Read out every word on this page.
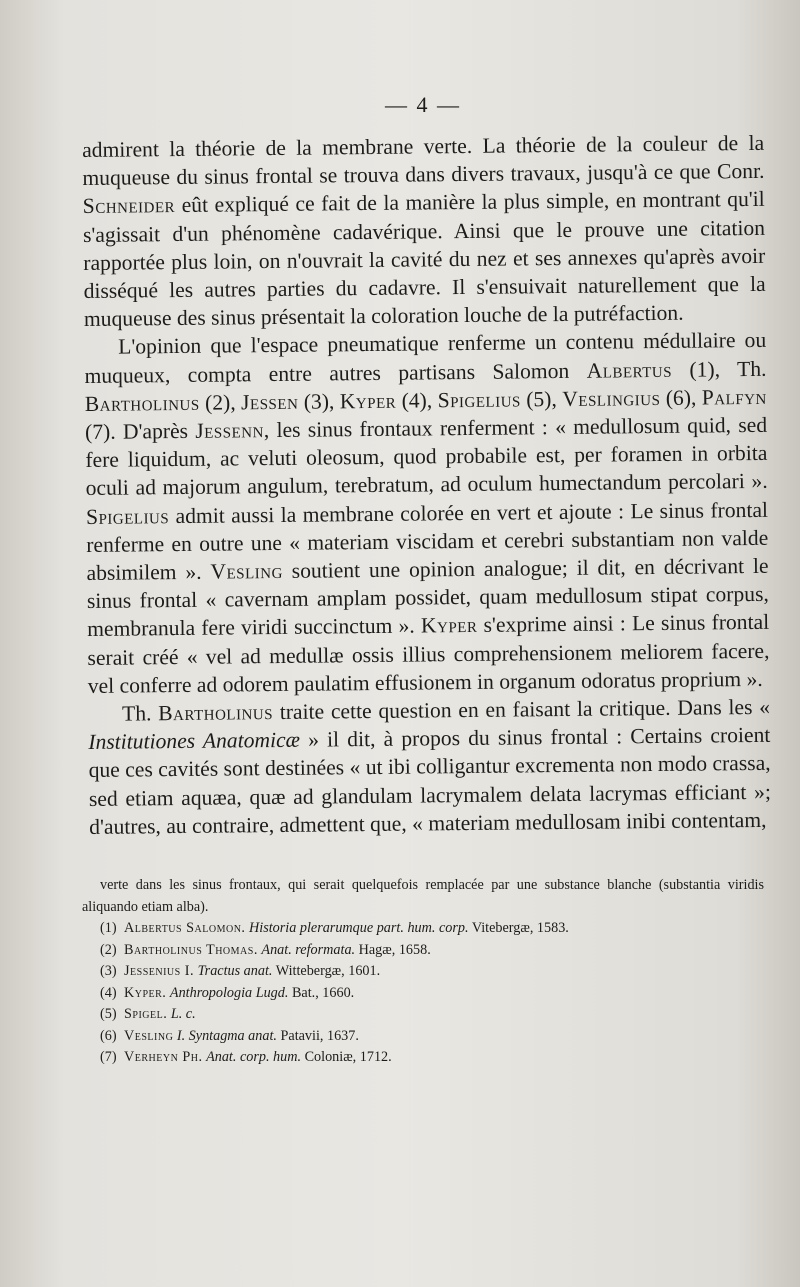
— 4 —

admirent la théorie de la membrane verte. La théorie de la couleur de la muqueuse du sinus frontal se trouva dans divers travaux, jusqu'à ce que Conr. Schneider eût expliqué ce fait de la manière la plus simple, en montrant qu'il s'agissait d'un phénomène cadavérique. Ainsi que le prouve une citation rapportée plus loin, on n'ouvrait la cavité du nez et ses annexes qu'après avoir disséqué les autres parties du cadavre. Il s'ensuivait naturellement que la muqueuse des sinus présentait la coloration louche de la putréfaction.

L'opinion que l'espace pneumatique renferme un contenu médullaire ou muqueux, compta entre autres partisans Salomon Albertus (1), Th. Bartholinus (2), Jessen (3), Kyper (4), Spigelius (5), Veslingius (6), Palfyn (7). D'après Jessenn, les sinus frontaux renferment : « medullosum quid, sed fere liquidum, ac veluti oleosum, quod probabile est, per foramen in orbita oculi ad majorum angulum, terebratum, ad oculum humectandum percolari ». Spigelius admit aussi la membrane colorée en vert et ajoute : Le sinus frontal renferme en outre une « materiam viscidam et cerebri substantiam non valde absimilem ». Vesling soutient une opinion analogue; il dit, en décrivant le sinus frontal « cavernam amplam possidet, quam medullosum stipat corpus, membranula fere viridi succinctum ». Kyper s'exprime ainsi : Le sinus frontal serait créé « vel ad medullæ ossis illius comprehensionem meliorem facere, vel conferre ad odorem paulatim effusionem in organum odoratus proprium ».

Th. Bartholinus traite cette question en en faisant la critique. Dans les « Institutiones Anatomicæ » il dit, à propos du sinus frontal : Certains croient que ces cavités sont destinées « ut ibi colligantur excrementa non modo crassa, sed etiam aquæa, quæ ad glandulam lacrymalem delata lacrymas efficiant »; d'autres, au contraire, admettent que, « materiam medullosam inibi contentam,

verte dans les sinus frontaux, qui serait quelquefois remplacée par une substance blanche (substantia viridis aliquando etiam alba).

(1) Albertus Salomon. Historia plerarumque part. hum. corp. Vitebergæ, 1583.

(2) Bartholinus Thomas. Anat. reformata. Hagæ, 1658.

(3) Jessenius I. Tractus anat. Wittebergæ, 1601.

(4) Kyper. Anthropologia Lugd. Bat., 1660.

(5) Spigel. L. c.

(6) Vesling I. Syntagma anat. Patavii, 1637.

(7) Verheyn Ph. Anat. corp. hum. Coloniæ, 1712.
